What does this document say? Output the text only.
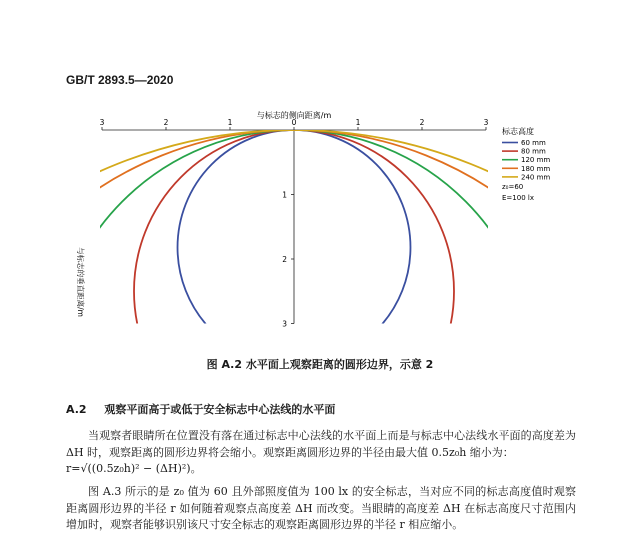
GB/T 2893.5—2020
3	2	1	0	1	2	3
1
2
3
与标志的侧向距离/m
与标志的垂直距离/m
标志高度
60 mm
80 mm
120 mm
180 mm
240 mm
z₀=60
E=100 lx
图 A.2 水平面上观察距离的圆形边界，示意 2
A.2 观察平面高于或低于安全标志中心法线的水平面
当观察者眼睛所在位置没有落在通过标志中心法线的水平面上而是与标志中心法线水平面的高度差为 ΔH 时，观察距离的圆形边界将会缩小。观察距离圆形边界的半径由最大值 0.5z₀h 缩小为：

r=√((0.5z₀h)² − (ΔH)²)。

图 A.3 所示的是 z₀ 值为 60 且外部照度值为 100 lx 的安全标志，当对应不同的标志高度值时观察距离圆形边界的半径 r 如何随着观察点高度差 ΔH 而改变。当眼睛的高度差 ΔH 在标志高度尺寸范围内增加时，观察者能够识别该尺寸安全标志的观察距离圆形边界的半径 r 相应缩小。
